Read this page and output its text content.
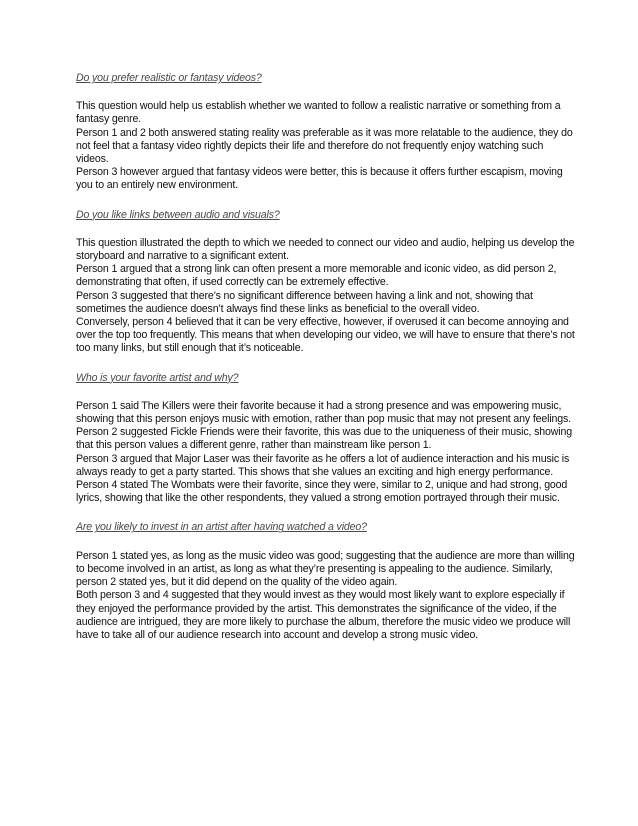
Do you prefer realistic or fantasy videos?

This question would help us establish whether we wanted to follow a realistic narrative or something from a fantasy genre.

Person 1 and 2 both answered stating reality was preferable as it was more relatable to the audience, they do not feel that a fantasy video rightly depicts their life and therefore do not frequently enjoy watching such videos.

Person 3 however argued that fantasy videos were better, this is because it offers further escapism, moving you to an entirely new environment.

Do you like links between audio and visuals?

This question illustrated the depth to which we needed to connect our video and audio, helping us develop the storyboard and narrative to a significant extent.

Person 1 argued that a strong link can often present a more memorable and iconic video, as did person 2, demonstrating that often, if used correctly can be extremely effective.

Person 3 suggested that there’s no significant difference between having a link and not, showing that sometimes the audience doesn’t always find these links as beneficial to the overall video.

Conversely, person 4 believed that it can be very effective, however, if overused it can become annoying and over the top too frequently. This means that when developing our video, we will have to ensure that there’s not too many links, but still enough that it’s noticeable.

Who is your favorite artist and why?

Person 1 said The Killers were their favorite because it had a strong presence and was empowering music, showing that this person enjoys music with emotion, rather than pop music that may not present any feelings.

Person 2 suggested Fickle Friends were their favorite, this was due to the uniqueness of their music, showing that this person values a different genre, rather than mainstream like person 1.

Person 3 argued that Major Laser was their favorite as he offers a lot of audience interaction and his music is always ready to get a party started. This shows that she values an exciting and high energy performance.

Person 4 stated The Wombats were their favorite, since they were, similar to 2, unique and had strong, good lyrics, showing that like the other respondents, they valued a strong emotion portrayed through their music.

Are you likely to invest in an artist after having watched a video?

Person 1 stated yes, as long as the music video was good; suggesting that the audience are more than willing to become involved in an artist, as long as what they’re presenting is appealing to the audience. Similarly, person 2 stated yes, but it did depend on the quality of the video again.

Both person 3 and 4 suggested that they would invest as they would most likely want to explore especially if they enjoyed the performance provided by the artist. This demonstrates the significance of the video, if the audience are intrigued, they are more likely to purchase the album, therefore the music video we produce will have to take all of our audience research into account and develop a strong music video.
